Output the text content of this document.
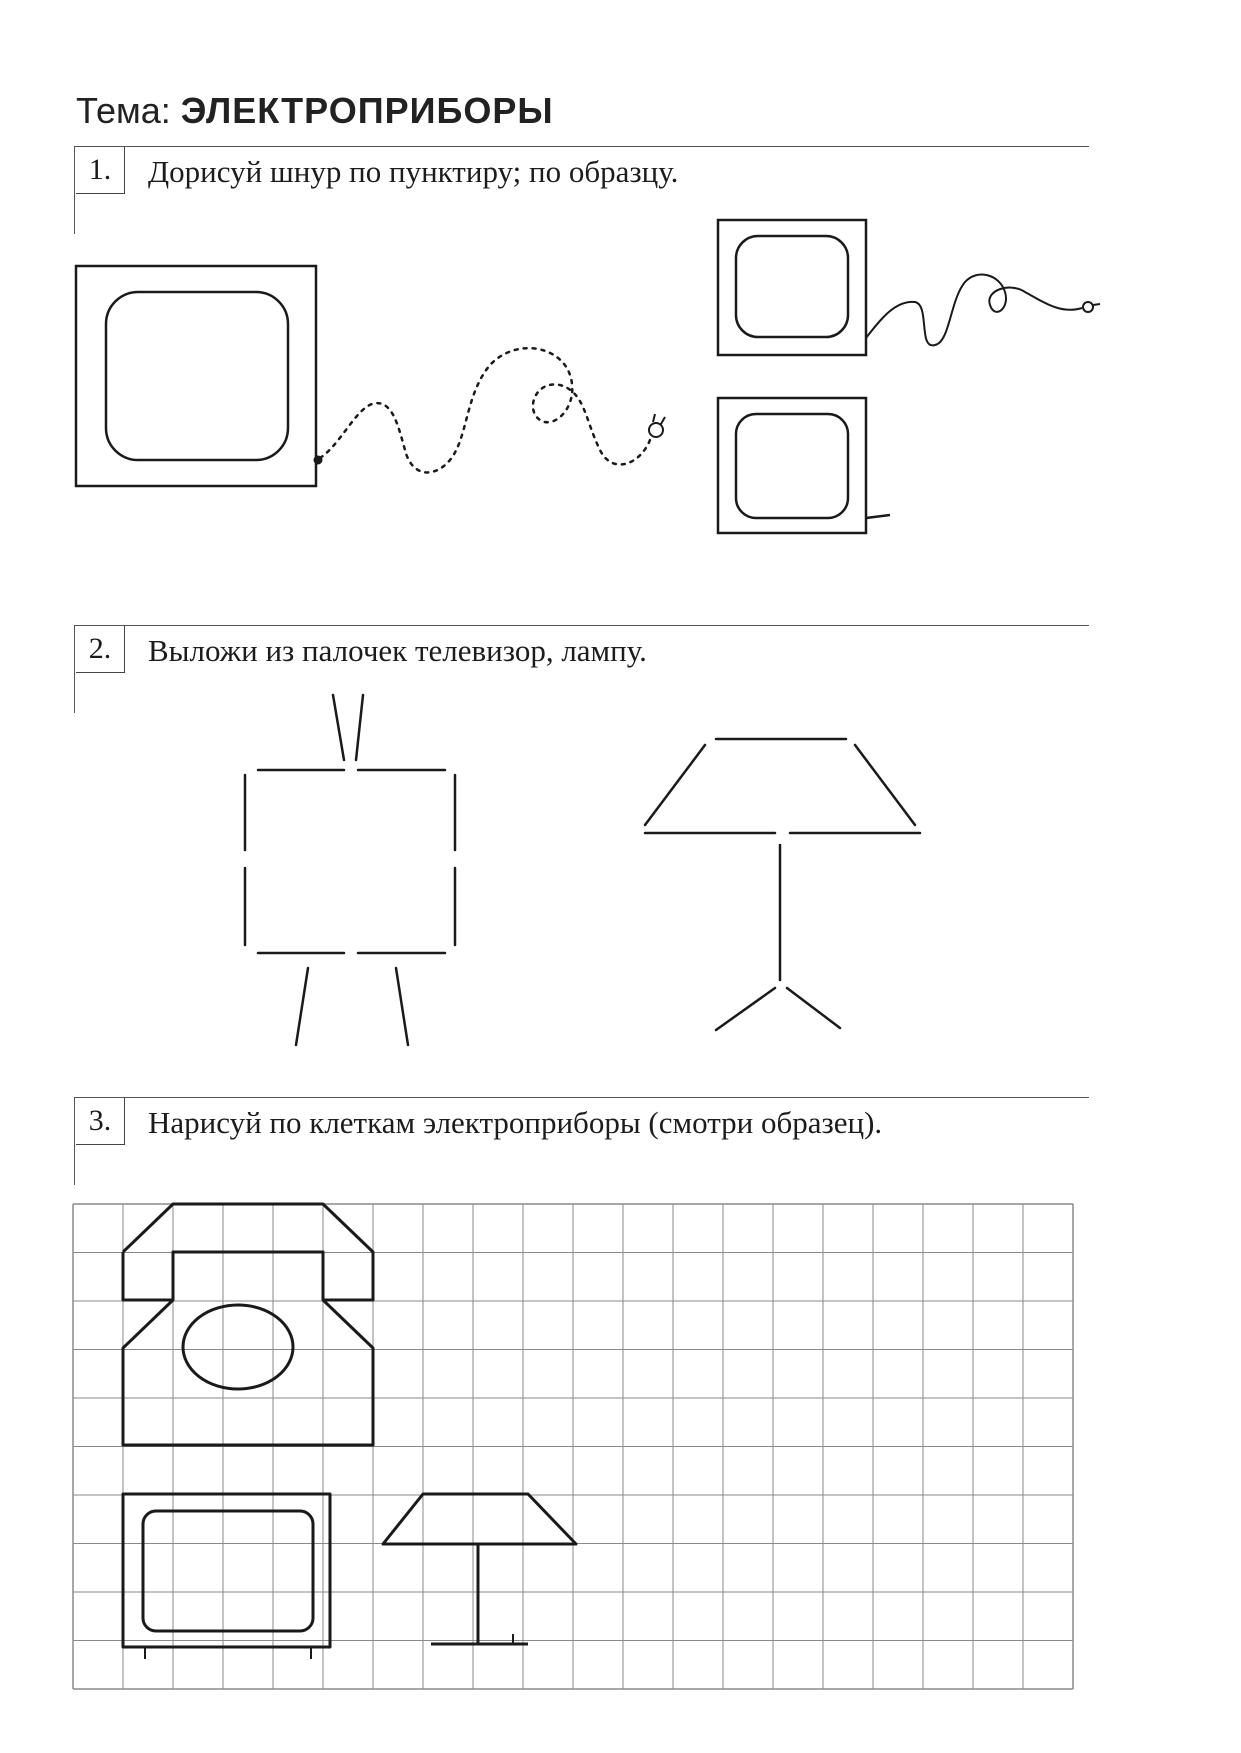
Тема: ЭЛЕКТРОПРИБОРЫ
1.	Дорисуй шнур по пунктиру; по образцу.
2.	Выложи из палочек телевизор, лампу.
3.	Нарисуй по клеткам электроприборы (смотри образец).
